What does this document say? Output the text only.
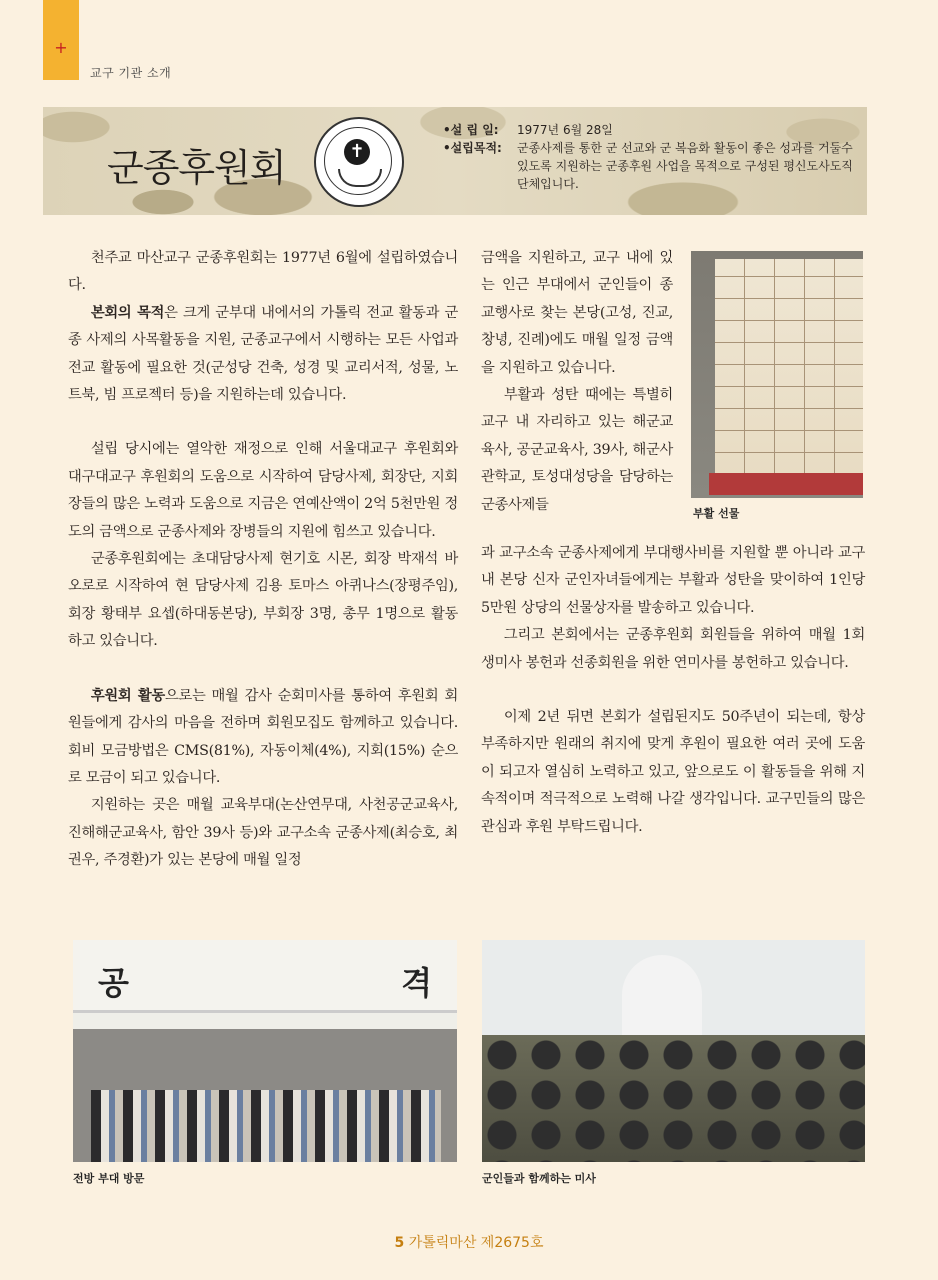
+
교구 기관 소개
군종후원회	✝
•설 립 일: 1977년 6월 28일
•설립목적: 군종사제를 통한 군 선교와 군 복음화 활동이 좋은 성과를 거둘수 있도록 지원하는 군종후원 사업을 목적으로 구성된 평신도사도직 단체입니다.

천주교 마산교구 군종후원회는 1977년 6월에 설립하였습니다.

본회의 목적은 크게 군부대 내에서의 가톨릭 전교 활동과 군종 사제의 사목활동을 지원, 군종교구에서 시행하는 모든 사업과 전교 활동에 필요한 것(군성당 건축, 성경 및 교리서적, 성물, 노트북, 빔 프로젝터 등)을 지원하는데 있습니다.

설립 당시에는 열악한 재정으로 인해 서울대교구 후원회와 대구대교구 후원회의 도움으로 시작하여 담당사제, 회장단, 지회장들의 많은 노력과 도움으로 지금은 연예산액이 2억 5천만원 정도의 금액으로 군종사제와 장병들의 지원에 힘쓰고 있습니다.

군종후원회에는 초대담당사제 현기호 시몬, 회장 박재석 바오로로 시작하여 현 담당사제 김용 토마스 아퀴나스(장평주임), 회장 황태부 요셉(하대동본당), 부회장 3명, 총무 1명으로 활동하고 있습니다.

후원회 활동으로는 매월 감사 순회미사를 통하여 후원회 회원들에게 감사의 마음을 전하며 회원모집도 함께하고 있습니다. 회비 모금방법은 CMS(81%), 자동이체(4%), 지회(15%) 순으로 모금이 되고 있습니다.

지원하는 곳은 매월 교육부대(논산연무대, 사천공군교육사, 진해해군교육사, 함안 39사 등)와 교구소속 군종사제(최승호, 최권우, 주경환)가 있는 본당에 매월 일정

금액을 지원하고, 교구 내에 있는 인근 부대에서 군인들이 종교행사로 찾는 본당(고성, 진교, 창녕, 진례)에도 매월 일정 금액을 지원하고 있습니다.

부활과 성탄 때에는 특별히 교구 내 자리하고 있는 해군교육사, 공군교육사, 39사, 해군사관학교, 토성대성당을 담당하는 군종사제들

부활 선물

과 교구소속 군종사제에게 부대행사비를 지원할 뿐 아니라 교구 내 본당 신자 군인자녀들에게는 부활과 성탄을 맞이하여 1인당 5만원 상당의 선물상자를 발송하고 있습니다.

그리고 본회에서는 군종후원회 회원들을 위하여 매월 1회 생미사 봉헌과 선종회원을 위한 연미사를 봉헌하고 있습니다.

이제 2년 뒤면 본회가 설립된지도 50주년이 되는데, 항상 부족하지만 원래의 취지에 맞게 후원이 필요한 여러 곳에 도움이 되고자 열심히 노력하고 있고, 앞으로도 이 활동들을 위해 지속적이며 적극적으로 노력해 나갈 생각입니다. 교구민들의 많은 관심과 후원 부탁드립니다.

공	격
전방 부대 방문	군인들과 함께하는 미사
5 가톨릭마산 제2675호
